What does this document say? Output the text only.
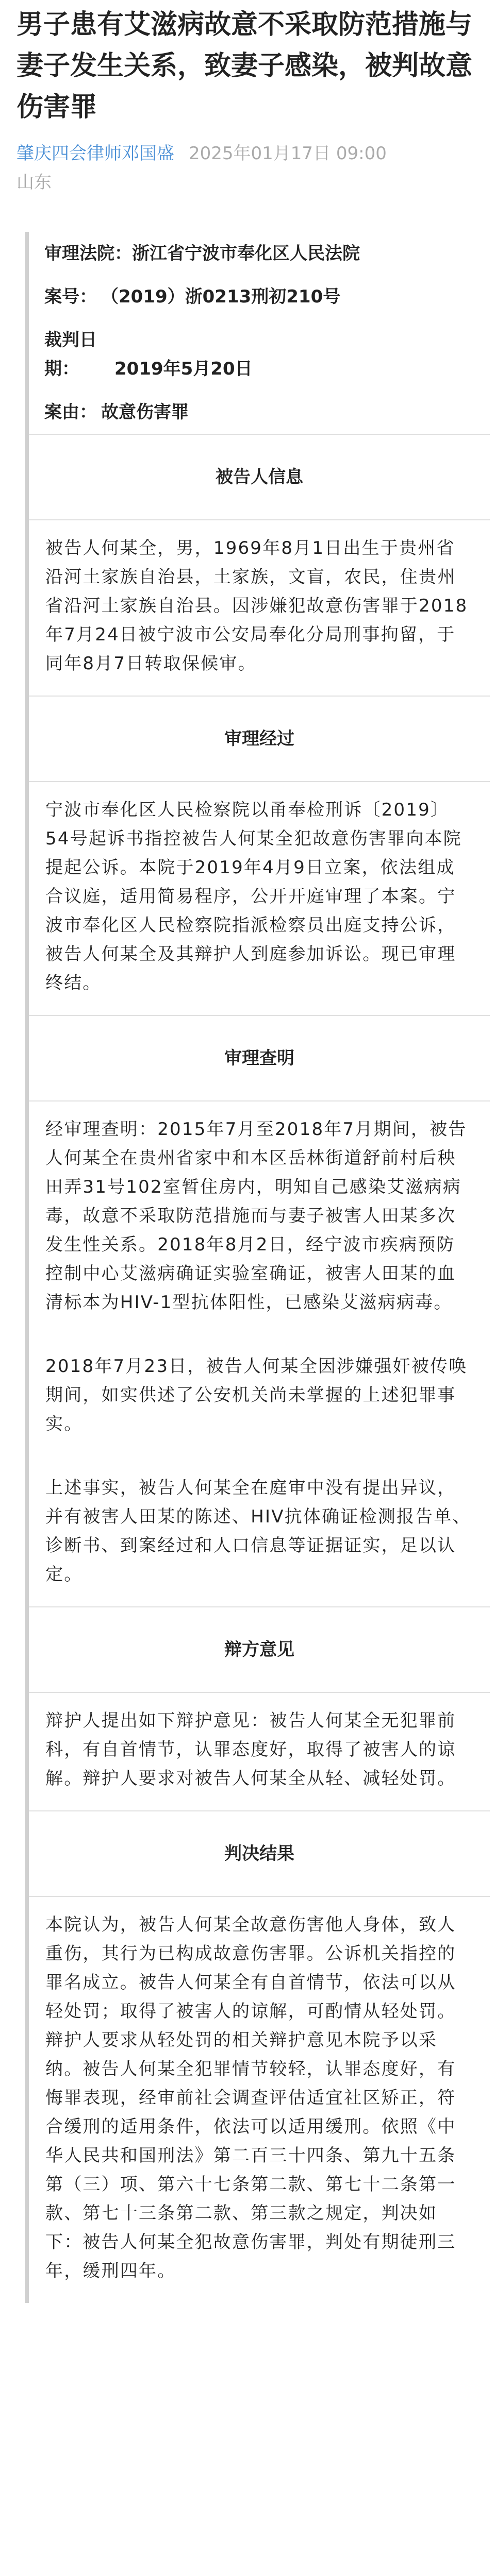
男子患有艾滋病故意不采取防范措施与妻子发生关系，致妻子感染，被判故意伤害罪
肇庆四会律师邓国盛 2025年01月17日 09:00
山东
审理法院：浙江省宁波市奉化区人民法院
案号： （2019）浙0213刑初210号
裁判日期： 2019年5月20日
案由： 故意伤害罪
被告人信息
被告人何某全，男，1969年8月1日出生于贵州省沿河土家族自治县，土家族，文盲，农民，住贵州省沿河土家族自治县。因涉嫌犯故意伤害罪于2018年7月24日被宁波市公安局奉化分局刑事拘留，于同年8月7日转取保候审。
审理经过
宁波市奉化区人民检察院以甬奉检刑诉〔2019〕54号起诉书指控被告人何某全犯故意伤害罪向本院提起公诉。本院于2019年4月9日立案，依法组成合议庭，适用简易程序，公开开庭审理了本案。宁波市奉化区人民检察院指派检察员出庭支持公诉，被告人何某全及其辩护人到庭参加诉讼。现已审理终结。
审理查明
经审理查明：2015年7月至2018年7月期间，被告人何某全在贵州省家中和本区岳林街道舒前村后秧田弄31号102室暂住房内，明知自己感染艾滋病病毒，故意不采取防范措施而与妻子被害人田某多次发生性关系。2018年8月2日，经宁波市疾病预防控制中心艾滋病确证实验室确证，被害人田某的血清标本为HIV-1型抗体阳性，已感染艾滋病病毒。
2018年7月23日，被告人何某全因涉嫌强奸被传唤期间，如实供述了公安机关尚未掌握的上述犯罪事实。
上述事实，被告人何某全在庭审中没有提出异议，并有被害人田某的陈述、HIV抗体确证检测报告单、诊断书、到案经过和人口信息等证据证实，足以认定。
辩方意见
辩护人提出如下辩护意见：被告人何某全无犯罪前科，有自首情节，认罪态度好，取得了被害人的谅解。辩护人要求对被告人何某全从轻、减轻处罚。
判决结果
本院认为，被告人何某全故意伤害他人身体，致人重伤，其行为已构成故意伤害罪。公诉机关指控的罪名成立。被告人何某全有自首情节，依法可以从轻处罚；取得了被害人的谅解，可酌情从轻处罚。辩护人要求从轻处罚的相关辩护意见本院予以采纳。被告人何某全犯罪情节较轻，认罪态度好，有悔罪表现，经审前社会调查评估适宜社区矫正，符合缓刑的适用条件，依法可以适用缓刑。依照《中华人民共和国刑法》第二百三十四条、第九十五条第（三）项、第六十七条第二款、第七十二条第一款、第七十三条第二款、第三款之规定，判决如下：被告人何某全犯故意伤害罪，判处有期徒刑三年，缓刑四年。
